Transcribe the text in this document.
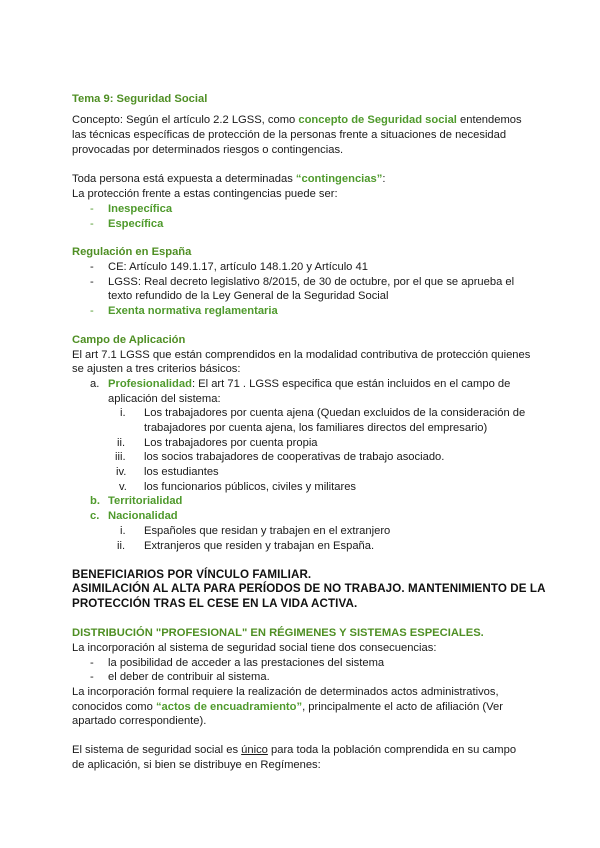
Tema 9: Seguridad Social
Concepto: Según el artículo 2.2 LGSS, como concepto de Seguridad social entendemos
las técnicas específicas de protección de la personas frente a situaciones de necesidad
provocadas por determinados riesgos o contingencias.
Toda persona está expuesta a determinadas “contingencias”:
La protección frente a estas contingencias puede ser:
- Inespecífica
- Específica
Regulación en España
- CE: Artículo 149.1.17, artículo 148.1.20 y Artículo 41
- LGSS: Real decreto legislativo 8/2015, de 30 de octubre, por el que se aprueba el
texto refundido de la Ley General de la Seguridad Social
- Exenta normativa reglamentaria
Campo de Aplicación
El art 7.1 LGSS que están comprendidos en la modalidad contributiva de protección quienes
se ajusten a tres criterios básicos:
a. Profesionalidad: El art 71 . LGSS especifica que están incluidos en el campo de
aplicación del sistema:
i. Los trabajadores por cuenta ajena (Quedan excluidos de la consideración de
trabajadores por cuenta ajena, los familiares directos del empresario)
ii. Los trabajadores por cuenta propia
iii. los socios trabajadores de cooperativas de trabajo asociado.
iv. los estudiantes
v. los funcionarios públicos, civiles y militares
b. Territorialidad
c. Nacionalidad
i. Españoles que residan y trabajen en el extranjero
ii. Extranjeros que residen y trabajan en España.
BENEFICIARIOS POR VÍNCULO FAMILIAR.
ASIMILACIÓN AL ALTA PARA PERÍODOS DE NO TRABAJO. MANTENIMIENTO DE LA
PROTECCIÓN TRAS EL CESE EN LA VIDA ACTIVA.
DISTRIBUCIÓN "PROFESIONAL" EN RÉGIMENES Y SISTEMAS ESPECIALES.
La incorporación al sistema de seguridad social tiene dos consecuencias:
- la posibilidad de acceder a las prestaciones del sistema
- el deber de contribuir al sistema.
La incorporación formal requiere la realización de determinados actos administrativos,
conocidos como “actos de encuadramiento”, principalmente el acto de afiliación (Ver
apartado correspondiente).
El sistema de seguridad social es único para toda la población comprendida en su campo
de aplicación, si bien se distribuye en Regímenes:
